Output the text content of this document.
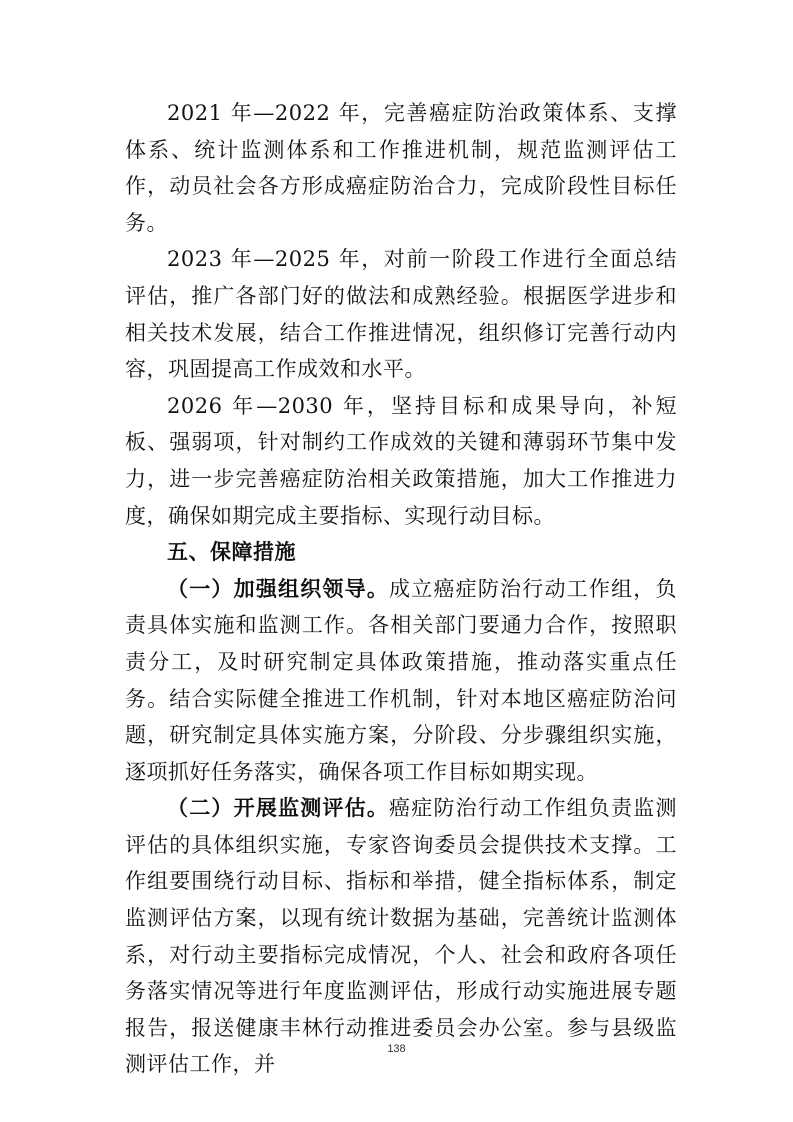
2021 年—2022 年，完善癌症防治政策体系、支撑体系、统计监测体系和工作推进机制，规范监测评估工作，动员社会各方形成癌症防治合力，完成阶段性目标任务。

2023 年—2025 年，对前一阶段工作进行全面总结评估，推广各部门好的做法和成熟经验。根据医学进步和相关技术发展，结合工作推进情况，组织修订完善行动内容，巩固提高工作成效和水平。

2026 年—2030 年，坚持目标和成果导向，补短板、强弱项，针对制约工作成效的关键和薄弱环节集中发力，进一步完善癌症防治相关政策措施，加大工作推进力度，确保如期完成主要指标、实现行动目标。

五、保障措施

（一）加强组织领导。成立癌症防治行动工作组，负责具体实施和监测工作。各相关部门要通力合作，按照职责分工，及时研究制定具体政策措施，推动落实重点任务。结合实际健全推进工作机制，针对本地区癌症防治问题，研究制定具体实施方案，分阶段、分步骤组织实施，逐项抓好任务落实，确保各项工作目标如期实现。

（二）开展监测评估。癌症防治行动工作组负责监测评估的具体组织实施，专家咨询委员会提供技术支撑。工作组要围绕行动目标、指标和举措，健全指标体系，制定监测评估方案，以现有统计数据为基础，完善统计监测体系，对行动主要指标完成情况，个人、社会和政府各项任务落实情况等进行年度监测评估，形成行动实施进展专题报告，报送健康丰林行动推进委员会办公室。参与县级监测评估工作，并

138
